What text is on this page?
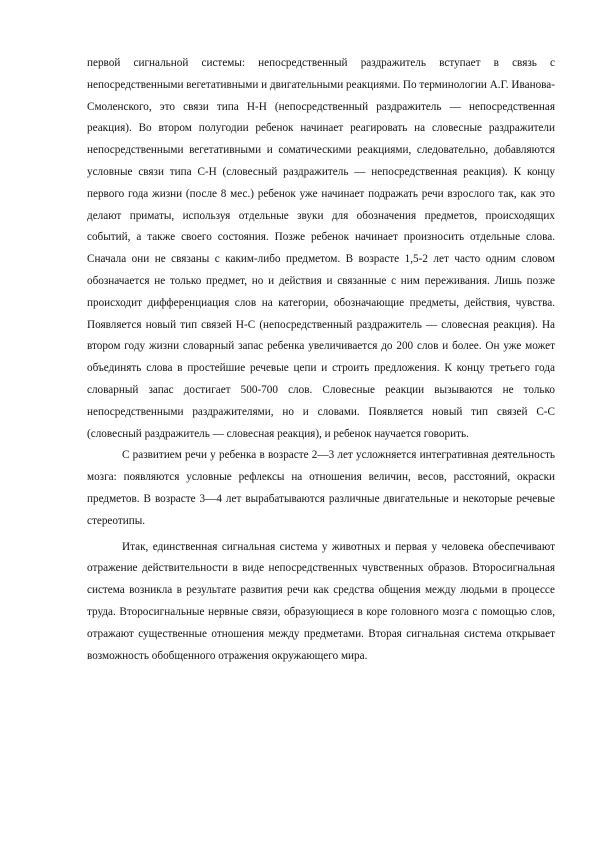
первой сигнальной системы: непосредственный раздражитель вступает в связь с непосредственными вегетативными и двигательными реакциями. По терминологии А.Г. Иванова-Смоленского, это связи типа Н-Н (непосредственный раздражитель — непосредственная реакция). Во втором полугодии ребенок начинает реагировать на словесные раздражители непосредственными вегетативными и соматическими реакциями, следовательно, добавляются условные связи типа С-Н (словесный раздражитель — непосредственная реакция). К концу первого года жизни (после 8 мес.) ребенок уже начинает подражать речи взрослого так, как это делают приматы, используя отдельные звуки для обозначения предметов, происходящих событий, а также своего состояния. Позже ребенок начинает произносить отдельные слова. Сначала они не связаны с каким-либо предметом. В возрасте 1,5-2 лет часто одним словом обозначается не только предмет, но и действия и связанные с ним переживания. Лишь позже происходит дифференциация слов на категории, обозначающие предметы, действия, чувства. Появляется новый тип связей Н-С (непосредственный раздражитель — словесная реакция). На втором году жизни словарный запас ребенка увеличивается до 200 слов и более. Он уже может объединять слова в простейшие речевые цепи и строить предложения. К концу третьего года словарный запас достигает 500-700 слов. Словесные реакции вызываются не только непосредственными раздражителями, но и словами. Появляется новый тип связей С-С (словесный раздражитель — словесная реакция), и ребенок научается говорить.

С развитием речи у ребенка в возрасте 2—3 лет усложняется интегративная деятельность мозга: появляются условные рефлексы на отношения величин, весов, расстояний, окраски предметов. В возрасте 3—4 лет вырабатываются различные двигательные и некоторые речевые стереотипы.

Итак, единственная сигнальная система у животных и первая у человека обеспечивают отражение действительности в виде непосредственных чувственных образов. Второсигнальная система возникла в результате развития речи как средства общения между людьми в процессе труда. Второсигнальные нервные связи, образующиеся в коре головного мозга с помощью слов, отражают существенные отношения между предметами. Вторая сигнальная система открывает возможность обобщенного отражения окружающего мира.
